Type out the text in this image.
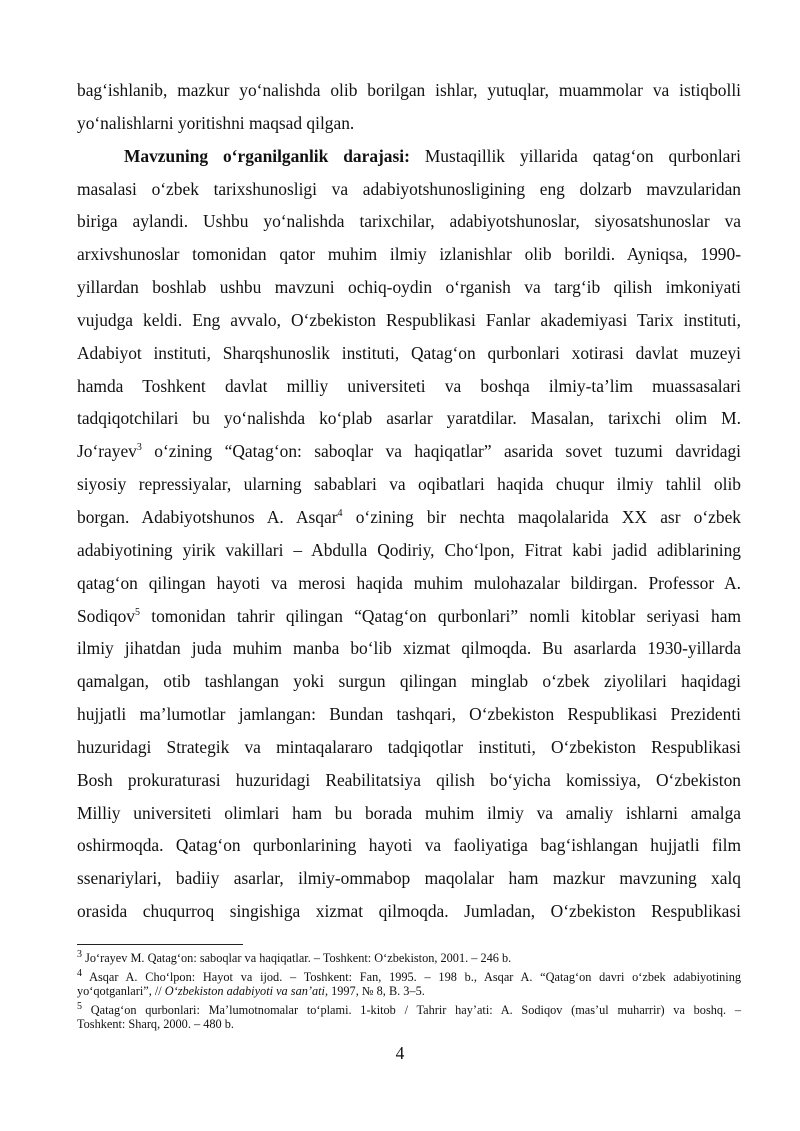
bag‘ishlanib, mazkur yo‘nalishda olib borilgan ishlar, yutuqlar, muammolar va istiqbolli
yo‘nalishlarni yoritishni maqsad qilgan.
Mavzuning o‘rganilganlik darajasi: Mustaqillik yillarida qatag‘on qurbonlari
masalasi o‘zbek tarixshunosligi va adabiyotshunosligining eng dolzarb mavzularidan
biriga aylandi. Ushbu yo‘nalishda tarixchilar, adabiyotshunoslar, siyosatshunoslar va
arxivshunoslar tomonidan qator muhim ilmiy izlanishlar olib borildi. Ayniqsa, 1990-
yillardan boshlab ushbu mavzuni ochiq-oydin o‘rganish va targ‘ib qilish imkoniyati
vujudga keldi. Eng avvalo, O‘zbekiston Respublikasi Fanlar akademiyasi Tarix instituti,
Adabiyot instituti, Sharqshunoslik instituti, Qatag‘on qurbonlari xotirasi davlat muzeyi
hamda Toshkent davlat milliy universiteti va boshqa ilmiy-ta’lim muassasalari
tadqiqotchilari bu yo‘nalishda ko‘plab asarlar yaratdilar. Masalan, tarixchi olim M.
Jo‘rayev$^3$ o‘zining “Qatag‘on: saboqlar va haqiqatlar” asarida sovet tuzumi davridagi
siyosiy repressiyalar, ularning sabablari va oqibatlari haqida chuqur ilmiy tahlil olib
borgan. Adabiyotshunos A. Asqar$^4$ o‘zining bir nechta maqolalarida XX asr o‘zbek
adabiyotining yirik vakillari – Abdulla Qodiriy, Cho‘lpon, Fitrat kabi jadid adiblarining
qatag‘on qilingan hayoti va merosi haqida muhim mulohazalar bildirgan. Professor A.
Sodiqov$^5$ tomonidan tahrir qilingan “Qatag‘on qurbonlari” nomli kitoblar seriyasi ham
ilmiy jihatdan juda muhim manba bo‘lib xizmat qilmoqda. Bu asarlarda 1930-yillarda
qamalgan, otib tashlangan yoki surgun qilingan minglab o‘zbek ziyolilari haqidagi
hujjatli ma’lumotlar jamlangan: Bundan tashqari, O‘zbekiston Respublikasi Prezidenti
huzuridagi Strategik va mintaqalararo tadqiqotlar instituti, O‘zbekiston Respublikasi
Bosh prokuraturasi huzuridagi Reabilitatsiya qilish bo‘yicha komissiya, O‘zbekiston
Milliy universiteti olimlari ham bu borada muhim ilmiy va amaliy ishlarni amalga
oshirmoqda. Qatag‘on qurbonlarining hayoti va faoliyatiga bag‘ishlangan hujjatli film
ssenariylari, badiiy asarlar, ilmiy-ommabop maqolalar ham mazkur mavzuning xalq
orasida chuqurroq singishiga xizmat qilmoqda. Jumladan, O‘zbekiston Respublikasi
$^3$ Jo‘rayev M. Qatag‘on: saboqlar va haqiqatlar. – Toshkent: O‘zbekiston, 2001. – 246 b.
$^4$ Asqar A. Cho‘lpon: Hayot va ijod. – Toshkent: Fan, 1995. – 198 b., Asqar A. “Qatag‘on davri o‘zbek adabiyotining
yo‘qotganlari”, // O‘zbekiston adabiyoti va san’ati, 1997, № 8, B. 3–5.
$^5$ Qatag‘on qurbonlari: Ma’lumotnomalar to‘plami. 1-kitob / Tahrir hay’ati: A. Sodiqov (mas’ul muharrir) va boshq. –
Toshkent: Sharq, 2000. – 480 b.
4
